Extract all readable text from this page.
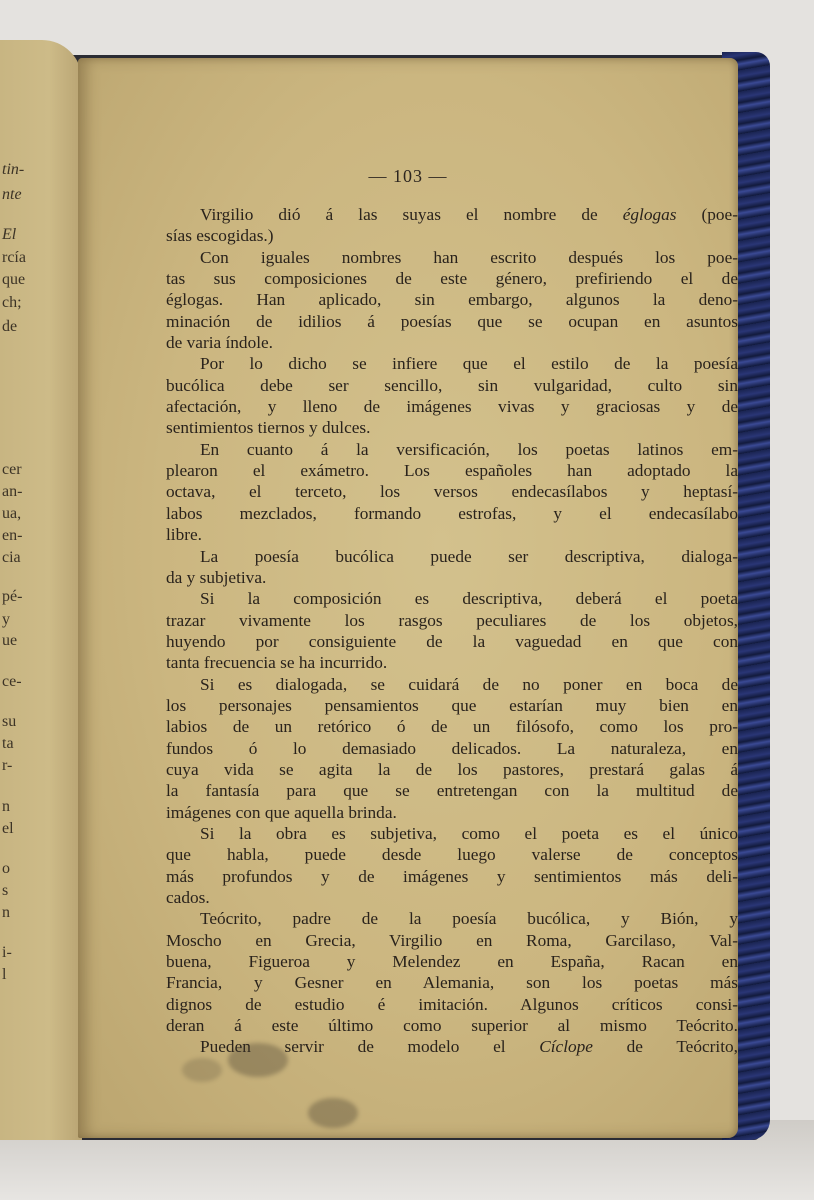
tin-
nte
El
rcía
que
ch;
de
cer
an-
ua,
en-
cia
pé-
y
ue
ce-
su
ta
r-
n
el
o
s
n
i-
l
— 103 —
Virgilio dió á las suyas el nombre de églogas (poe-
sías escogidas.)
Con iguales nombres han escrito después los poe-
tas sus composiciones de este género, prefiriendo el de
églogas. Han aplicado, sin embargo, algunos la deno-
minación de idilios á poesías que se ocupan en asuntos
de varia índole.
Por lo dicho se infiere que el estilo de la poesía
bucólica debe ser sencillo, sin vulgaridad, culto sin
afectación, y lleno de imágenes vivas y graciosas y de
sentimientos tiernos y dulces.
En cuanto á la versificación, los poetas latinos em-
plearon el exámetro. Los españoles han adoptado la
octava, el terceto, los versos endecasílabos y heptasí-
labos mezclados, formando estrofas, y el endecasílabo
libre.
La poesía bucólica puede ser descriptiva, dialoga-
da y subjetiva.
Si la composición es descriptiva, deberá el poeta
trazar vivamente los rasgos peculiares de los objetos,
huyendo por consiguiente de la vaguedad en que con
tanta frecuencia se ha incurrido.
Si es dialogada, se cuidará de no poner en boca de
los personajes pensamientos que estarían muy bien en
labios de un retórico ó de un filósofo, como los pro-
fundos ó lo demasiado delicados. La naturaleza, en
cuya vida se agita la de los pastores, prestará galas á
la fantasía para que se entretengan con la multitud de
imágenes con que aquella brinda.
Si la obra es subjetiva, como el poeta es el único
que habla, puede desde luego valerse de conceptos
más profundos y de imágenes y sentimientos más deli-
cados.
Teócrito, padre de la poesía bucólica, y Bión, y
Moscho en Grecia, Virgilio en Roma, Garcilaso, Val-
buena, Figueroa y Melendez en España, Racan en
Francia, y Gesner en Alemania, son los poetas más
dignos de estudio é imitación. Algunos críticos consi-
deran á este último como superior al mismo Teócrito.
Pueden servir de modelo el Cíclope de Teócrito,
